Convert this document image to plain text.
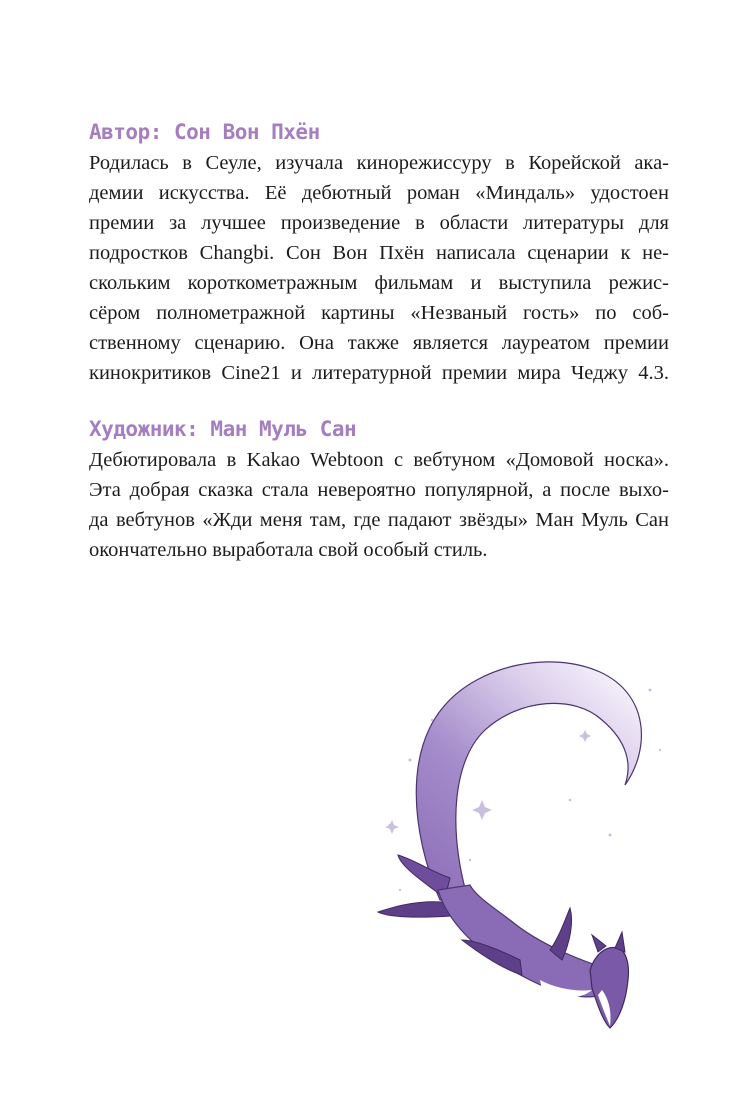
Автор: Сон Вон Пхён

Родилась в Сеуле, изучала кинорежиссуру в Корейской ака-
демии искусства. Её дебютный роман «Миндаль» удостоен
премии за лучшее произведение в области литературы для
подростков Changbi. Сон Вон Пхён написала сценарии к не-
скольким короткометражным фильмам и выступила режис-
сёром полнометражной картины «Незваный гость» по соб-
ственному сценарию. Она также является лауреатом премии
кинокритиков Cine21 и литературной премии мира Чеджу 4.3.

Художник: Ман Муль Сан

Дебютировала в Kakao Webtoon с вебтуном «Домовой носка».
Эта добрая сказка стала невероятно популярной, а после выхо-
да вебтунов «Жди меня там, где падают звёзды» Ман Муль Сан
окончательно выработала свой особый стиль.
